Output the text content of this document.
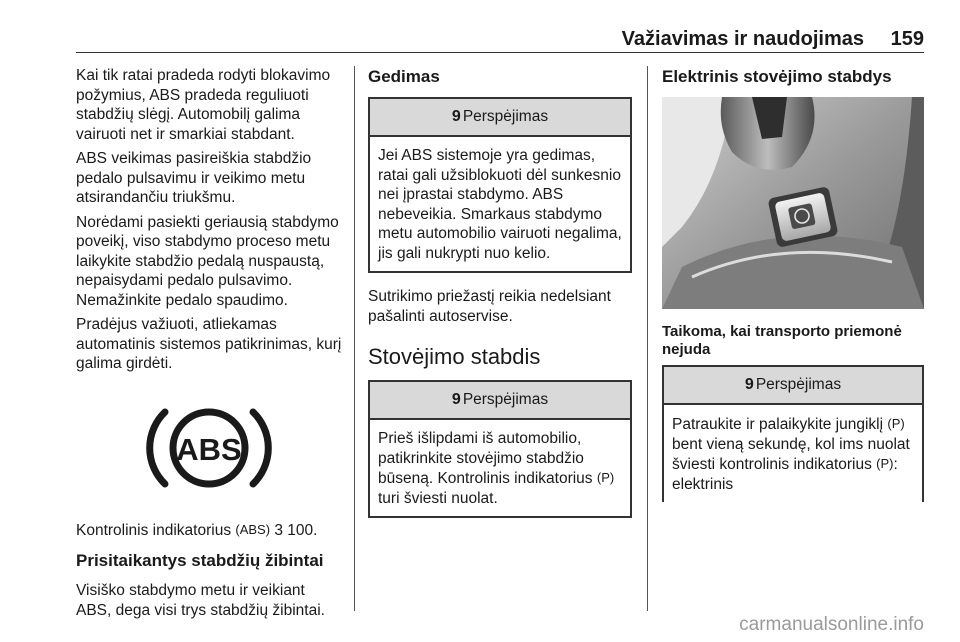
Važiavimas ir naudojimas 159

Kai tik ratai pradeda rodyti blokavimo požymius, ABS pradeda reguliuoti stabdžių slėgį. Automobilį galima vairuoti net ir smarkiai stabdant.

ABS veikimas pasireiškia stabdžio pedalo pulsavimu ir veikimo metu atsirandančiu triukšmu.

Norėdami pasiekti geriausią stabdymo poveikį, viso stabdymo proceso metu laikykite stabdžio pedalą nuspaustą, nepaisydami pedalo pulsavimo. Nemažinkite pedalo spaudimo.

Pradėjus važiuoti, atliekamas automatinis sistemos patikrinimas, kurį galima girdėti.

ABS

Kontrolinis indikatorius (ABS) 3 100.

Prisitaikantys stabdžių žibintai

Visiško stabdymo metu ir veikiant ABS, dega visi trys stabdžių žibintai.

Gedimas
9 Perspėjimas
Jei ABS sistemoje yra gedimas, ratai gali užsiblokuoti dėl sunkesnio nei įprastai stabdymo. ABS nebeveikia. Smarkaus stabdymo metu automobilio vairuoti negalima, jis gali nukrypti nuo kelio.

Sutrikimo priežastį reikia nedelsiant pašalinti autoservise.

Stovėjimo stabdis
9 Perspėjimas
Prieš išlipdami iš automobilio, patikrinkite stovėjimo stabdžio būseną. Kontrolinis indikatorius (P) turi šviesti nuolat.
Elektrinis stovėjimo stabdys
Taikoma, kai transporto priemonė nejuda
9 Perspėjimas
Patraukite ir palaikykite jungiklį (P) bent vieną sekundę, kol ims nuolat šviesti kontrolinis indikatorius (P): elektrinis
carmanualsonline.info
